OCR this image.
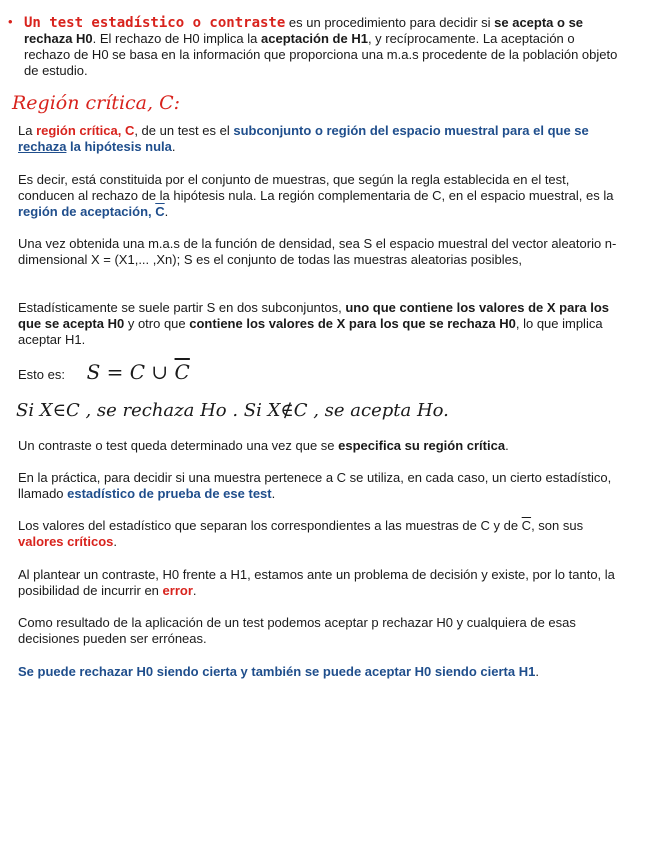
• Un test estadístico o contraste es un procedimiento para decidir si se acepta o se rechaza H0. El rechazo de H0 implica la aceptación de H1, y recíprocamente. La aceptación o rechazo de H0 se basa en la información que proporciona una m.a.s procedente de la población objeto de estudio.
Región crítica, C:
La región crítica, C, de un test es el subconjunto o región del espacio muestral para el que se rechaza la hipótesis nula.
Es decir, está constituida por el conjunto de muestras, que según la regla establecida en el test, conducen al rechazo de la hipótesis nula. La región complementaria de C, en el espacio muestral, es la región de aceptación, $\overline{C}$.
Una vez obtenida una m.a.s de la función de densidad, sea S el espacio muestral del vector aleatorio n-dimensional X = (X1,... ,Xn); S es el conjunto de todas las muestras aleatorias posibles,
Estadísticamente se suele partir S en dos subconjuntos, uno que contiene los valores de X para los que se acepta H0 y otro que contiene los valores de X para los que se rechaza H0, lo que implica aceptar H1.
Esto es: S = C ∪ $\overline{C}$
Si X∈C , se rechaza Ho . Si X∉C , se acepta Ho.
Un contraste o test queda determinado una vez que se especifica su región crítica.
En la práctica, para decidir si una muestra pertenece a C se utiliza, en cada caso, un cierto estadístico, llamado estadístico de prueba de ese test.
Los valores del estadístico que separan los correspondientes a las muestras de C y de $\overline{C}$, son sus valores críticos.
Al plantear un contraste, H0 frente a H1, estamos ante un problema de decisión y existe, por lo tanto, la posibilidad de incurrir en error.
Como resultado de la aplicación de un test podemos aceptar p rechazar H0 y cualquiera de esas decisiones pueden ser erróneas.
Se puede rechazar H0 siendo cierta y también se puede aceptar H0 siendo cierta H1.
